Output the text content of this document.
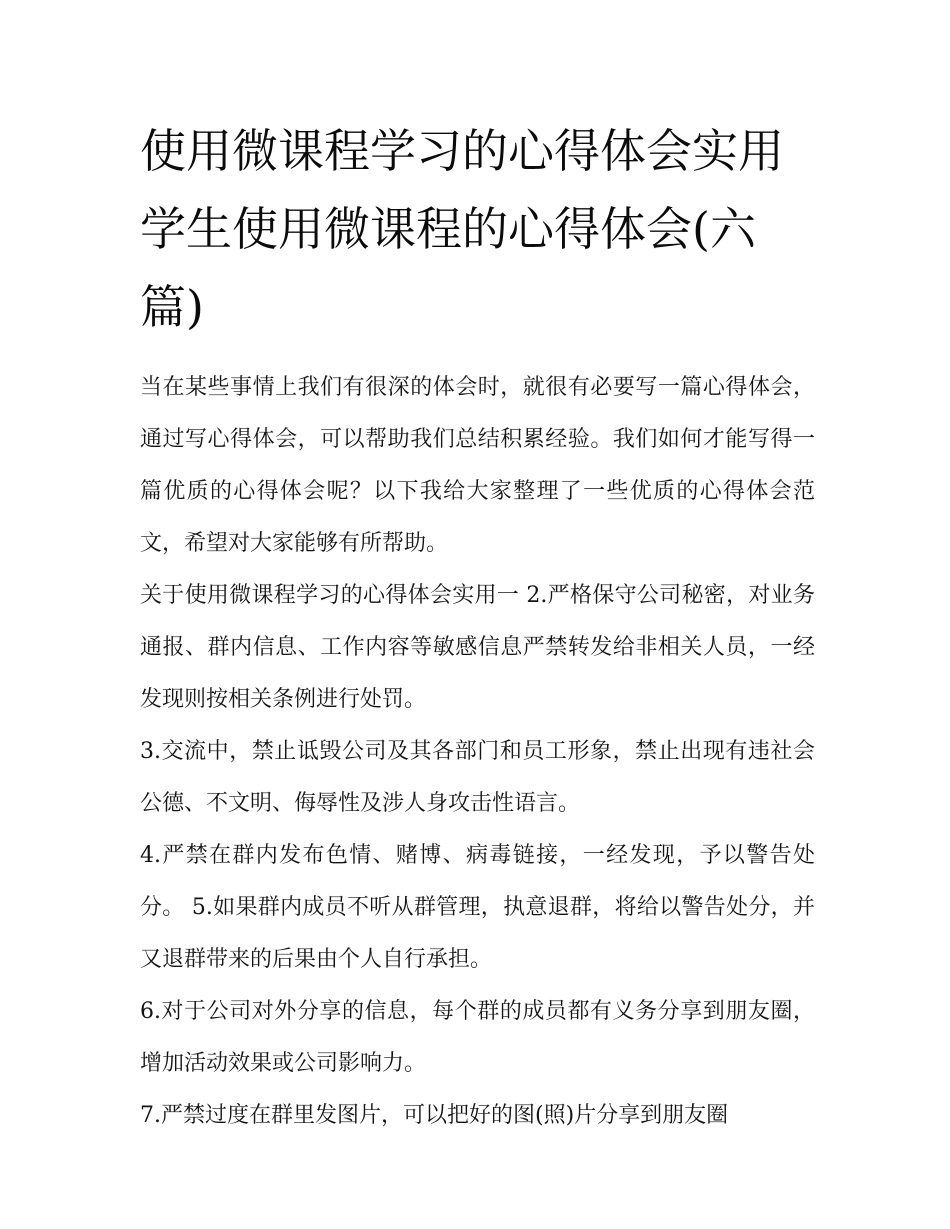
使用微课程学习的心得体会实用 学生使用微课程的心得体会(六篇)

当在某些事情上我们有很深的体会时，就很有必要写一篇心得体会，通过写心得体会，可以帮助我们总结积累经验。我们如何才能写得一篇优质的心得体会呢？以下我给大家整理了一些优质的心得体会范文，希望对大家能够有所帮助。

关于使用微课程学习的心得体会实用一 2.严格保守公司秘密，对业务通报、群内信息、工作内容等敏感信息严禁转发给非相关人员，一经发现则按相关条例进行处罚。

3.交流中，禁止诋毁公司及其各部门和员工形象，禁止出现有违社会公德、不文明、侮辱性及涉人身攻击性语言。

4.严禁在群内发布色情、赌博、病毒链接，一经发现，予以警告处分。 5.如果群内成员不听从群管理，执意退群，将给以警告处分，并又退群带来的后果由个人自行承担。

6.对于公司对外分享的信息，每个群的成员都有义务分享到朋友圈，增加活动效果或公司影响力。

7.严禁过度在群里发图片，可以把好的图(照)片分享到朋友圈
